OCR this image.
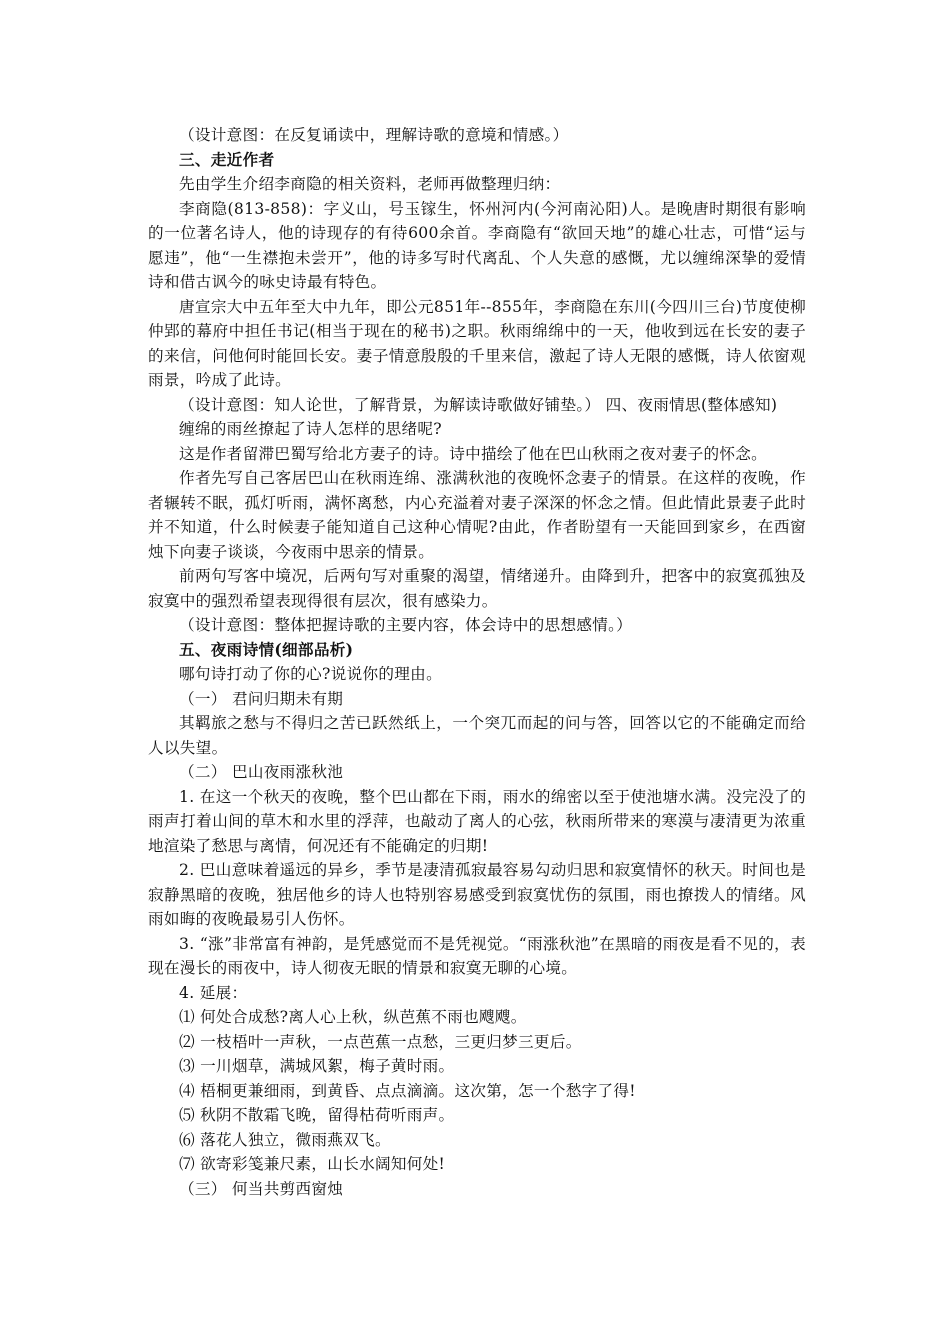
（设计意图：在反复诵读中，理解诗歌的意境和情感。）

三、走近作者

先由学生介绍李商隐的相关资料，老师再做整理归纳：

李商隐(813-858)：字义山，号玉镓生，怀州河内(今河南沁阳)人。是晚唐时期很有影响的一位著名诗人，他的诗现存的有待600余首。李商隐有“欲回天地”的雄心壮志，可惜“运与愿违”，他“一生襟抱未尝开”，他的诗多写时代离乱、个人失意的感慨，尤以缠绵深挚的爱情诗和借古讽今的咏史诗最有特色。

唐宣宗大中五年至大中九年，即公元851年--855年，李商隐在东川(今四川三台)节度使柳仲郢的幕府中担任书记(相当于现在的秘书)之职。秋雨绵绵中的一天，他收到远在长安的妻子的来信，问他何时能回长安。妻子情意殷殷的千里来信，激起了诗人无限的感慨，诗人依窗观雨景，吟成了此诗。

（设计意图：知人论世，了解背景，为解读诗歌做好铺垫。） 四、夜雨情思(整体感知)

缠绵的雨丝撩起了诗人怎样的思绪呢?

这是作者留滞巴蜀写给北方妻子的诗。诗中描绘了他在巴山秋雨之夜对妻子的怀念。

作者先写自己客居巴山在秋雨连绵、涨满秋池的夜晚怀念妻子的情景。在这样的夜晚，作者辗转不眠，孤灯听雨，满怀离愁，内心充溢着对妻子深深的怀念之情。但此情此景妻子此时并不知道，什么时候妻子能知道自己这种心情呢?由此，作者盼望有一天能回到家乡，在西窗烛下向妻子谈谈，今夜雨中思亲的情景。

前两句写客中境况，后两句写对重聚的渴望，情绪递升。由降到升，把客中的寂寞孤独及寂寞中的强烈希望表现得很有层次，很有感染力。

（设计意图：整体把握诗歌的主要内容，体会诗中的思想感情。）

五、夜雨诗情(细部品析)

哪句诗打动了你的心?说说你的理由。

（一） 君问归期未有期

其羁旅之愁与不得归之苦已跃然纸上，一个突兀而起的问与答，回答以它的不能确定而给人以失望。

（二） 巴山夜雨涨秋池

1. 在这一个秋天的夜晚，整个巴山都在下雨，雨水的绵密以至于使池塘水满。没完没了的雨声打着山间的草木和水里的浮萍，也敲动了离人的心弦，秋雨所带来的寒漠与凄清更为浓重地渲染了愁思与离情，何况还有不能确定的归期!

2. 巴山意味着遥远的异乡，季节是凄清孤寂最容易勾动归思和寂寞情怀的秋天。时间也是寂静黑暗的夜晚，独居他乡的诗人也特别容易感受到寂寞忧伤的氛围，雨也撩拨人的情绪。风雨如晦的夜晚最易引人伤怀。

3. “涨”非常富有神韵，是凭感觉而不是凭视觉。“雨涨秋池”在黑暗的雨夜是看不见的，表现在漫长的雨夜中，诗人彻夜无眠的情景和寂寞无聊的心境。

4. 延展：

⑴ 何处合成愁?离人心上秋，纵芭蕉不雨也飕飕。

⑵ 一枝梧叶一声秋，一点芭蕉一点愁，三更归梦三更后。

⑶ 一川烟草，满城风絮，梅子黄时雨。

⑷ 梧桐更兼细雨，到黄昏、点点滴滴。这次第，怎一个愁字了得!

⑸ 秋阴不散霜飞晚，留得枯荷听雨声。

⑹ 落花人独立，微雨燕双飞。

⑺ 欲寄彩笺兼尺素，山长水阔知何处!

（三） 何当共剪西窗烛
